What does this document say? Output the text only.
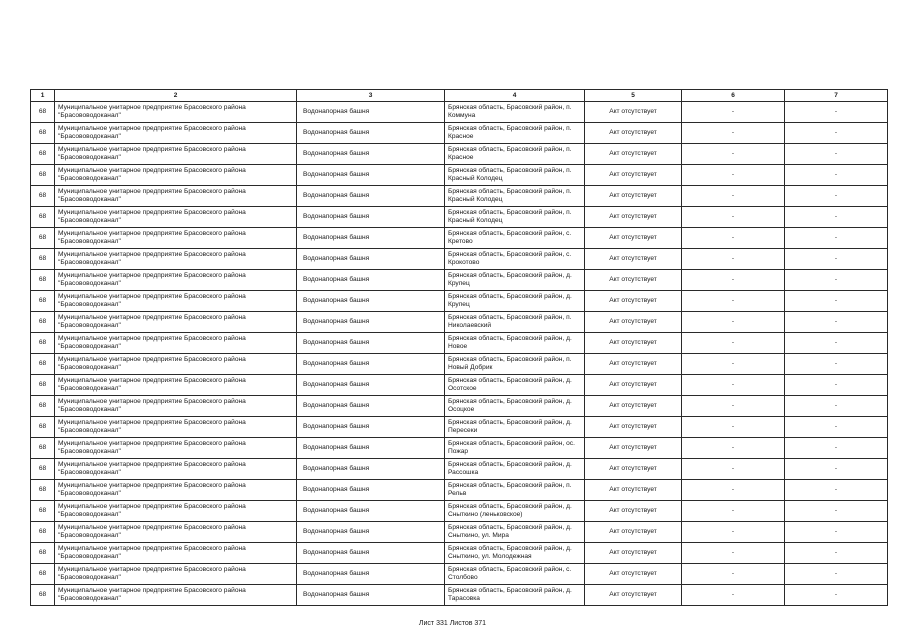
1	2	3	4	5	6	7
68	Муниципальное унитарное предприятие Брасовского района "Брасововодоканал"	Водонапорная башня	Брянская область, Брасовский район, п. Коммуна	Акт отсутствует	-	-
68	Муниципальное унитарное предприятие Брасовского района "Брасововодоканал"	Водонапорная башня	Брянская область, Брасовский район, п. Красное	Акт отсутствует	-	-
68	Муниципальное унитарное предприятие Брасовского района "Брасововодоканал"	Водонапорная башня	Брянская область, Брасовский район, п. Красное	Акт отсутствует	-	-
68	Муниципальное унитарное предприятие Брасовского района "Брасововодоканал"	Водонапорная башня	Брянская область, Брасовский район, п. Красный Колодец	Акт отсутствует	-	-
68	Муниципальное унитарное предприятие Брасовского района "Брасововодоканал"	Водонапорная башня	Брянская область, Брасовский район, п. Красный Колодец	Акт отсутствует	-	-
68	Муниципальное унитарное предприятие Брасовского района "Брасововодоканал"	Водонапорная башня	Брянская область, Брасовский район, п. Красный Колодец	Акт отсутствует	-	-
68	Муниципальное унитарное предприятие Брасовского района "Брасововодоканал"	Водонапорная башня	Брянская область, Брасовский район, с. Кретово	Акт отсутствует	-	-
68	Муниципальное унитарное предприятие Брасовского района "Брасововодоканал"	Водонапорная башня	Брянская область, Брасовский район, с. Крокотово	Акт отсутствует	-	-
68	Муниципальное унитарное предприятие Брасовского района "Брасововодоканал"	Водонапорная башня	Брянская область, Брасовский район, д. Крупец	Акт отсутствует	-	-
68	Муниципальное унитарное предприятие Брасовского района "Брасововодоканал"	Водонапорная башня	Брянская область, Брасовский район, д. Крупец	Акт отсутствует	-	-
68	Муниципальное унитарное предприятие Брасовского района "Брасововодоканал"	Водонапорная башня	Брянская область, Брасовский район, п. Николаевский	Акт отсутствует	-	-
68	Муниципальное унитарное предприятие Брасовского района "Брасововодоканал"	Водонапорная башня	Брянская область, Брасовский район, д. Новое	Акт отсутствует	-	-
68	Муниципальное унитарное предприятие Брасовского района "Брасововодоканал"	Водонапорная башня	Брянская область, Брасовский район, п. Новый Добрик	Акт отсутствует	-	-
68	Муниципальное унитарное предприятие Брасовского района "Брасововодоканал"	Водонапорная башня	Брянская область, Брасовский район, д. Осотское	Акт отсутствует	-	-
68	Муниципальное унитарное предприятие Брасовского района "Брасововодоканал"	Водонапорная башня	Брянская область, Брасовский район, д. Осоцкое	Акт отсутствует	-	-
68	Муниципальное унитарное предприятие Брасовского района "Брасововодоканал"	Водонапорная башня	Брянская область, Брасовский район, д. Пересеки	Акт отсутствует	-	-
68	Муниципальное унитарное предприятие Брасовского района "Брасововодоканал"	Водонапорная башня	Брянская область, Брасовский район, ос. Пожар	Акт отсутствует	-	-
68	Муниципальное унитарное предприятие Брасовского района "Брасововодоканал"	Водонапорная башня	Брянская область, Брасовский район, д. Рассошка	Акт отсутствует	-	-
68	Муниципальное унитарное предприятие Брасовского района "Брасововодоканал"	Водонапорная башня	Брянская область, Брасовский район, п. Рельв	Акт отсутствует	-	-
68	Муниципальное унитарное предприятие Брасовского района "Брасововодоканал"	Водонапорная башня	Брянская область, Брасовский район, д. Сныткино (леньковское)	Акт отсутствует	-	-
68	Муниципальное унитарное предприятие Брасовского района "Брасововодоканал"	Водонапорная башня	Брянская область, Брасовский район, д. Сныткино, ул. Мира	Акт отсутствует	-	-
68	Муниципальное унитарное предприятие Брасовского района "Брасововодоканал"	Водонапорная башня	Брянская область, Брасовский район, д. Сныткино, ул. Молодежная	Акт отсутствует	-	-
68	Муниципальное унитарное предприятие Брасовского района "Брасововодоканал"	Водонапорная башня	Брянская область, Брасовский район, с. Столбово	Акт отсутствует	-	-
68	Муниципальное унитарное предприятие Брасовского района "Брасововодоканал"	Водонапорная башня	Брянская область, Брасовский район, д. Тарасовка	Акт отсутствует	-	-
Лист 331 Листов 371
